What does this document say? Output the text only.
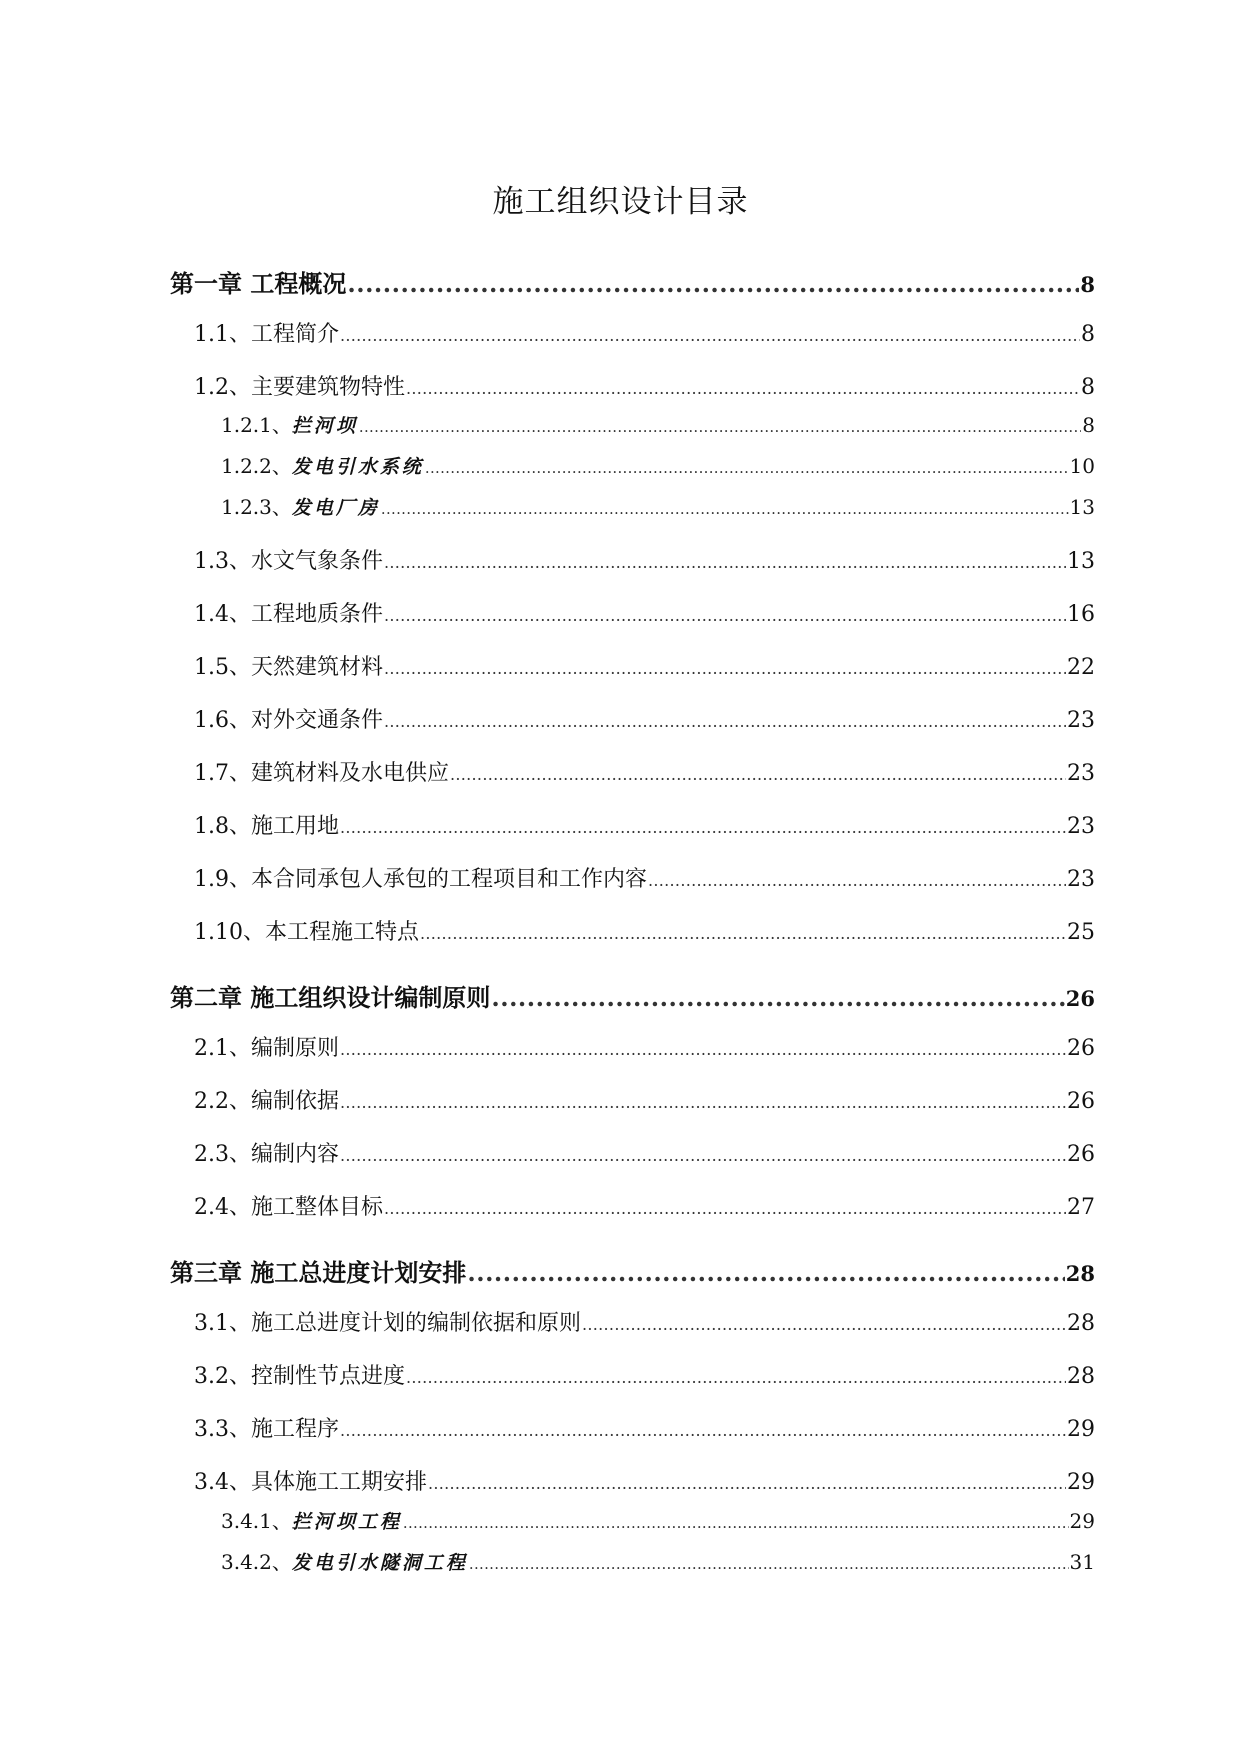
施工组织设计目录
第一章 工程概况 .....	8
1.1、工程简介 .....	8
1.2、主要建筑物特性 .....	8
1.2.1、拦河坝 .....	8
1.2.2、发电引水系统 .....	10
1.2.3、发电厂房 .....	13
1.3、水文气象条件 .....	13
1.4、工程地质条件 .....	16
1.5、天然建筑材料 .....	22
1.6、对外交通条件 .....	23
1.7、建筑材料及水电供应 .....	23
1.8、施工用地 .....	23
1.9、本合同承包人承包的工程项目和工作内容 .....	23
1.10、本工程施工特点 .....	25
第二章 施工组织设计编制原则 .....	26
2.1、编制原则 .....	26
2.2、编制依据 .....	26
2.3、编制内容 .....	26
2.4、施工整体目标 .....	27
第三章 施工总进度计划安排 .....	28
3.1、施工总进度计划的编制依据和原则 .....	28
3.2、控制性节点进度 .....	28
3.3、施工程序 .....	29
3.4、具体施工工期安排 .....	29
3.4.1、拦河坝工程 .....	29
3.4.2、发电引水隧洞工程 .....	31
